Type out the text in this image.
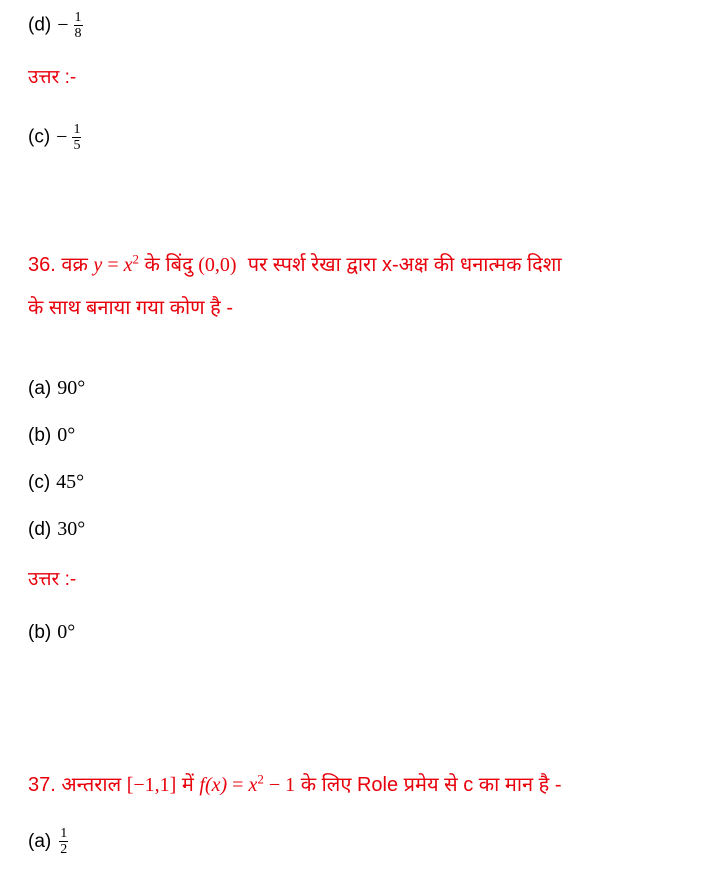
$(d) - \frac{1}{8}$
उत्तर :-
$(c) - \frac{1}{5}$
36. वक्र $y = x^2$ के बिंदु (0,0) पर स्पर्श रेखा द्वारा x-अक्ष की धनात्मक दिशा
के साथ बनाया गया कोण है -
(a) 90°
(b) 0°
(c) 45°
(d) 30°
उत्तर :-
(b) 0°
37. अन्तराल [−1,1] में $f(x) = x^2 - 1$ के लिए Role प्रमेय से c का मान है -
$(a) \frac{1}{2}$
